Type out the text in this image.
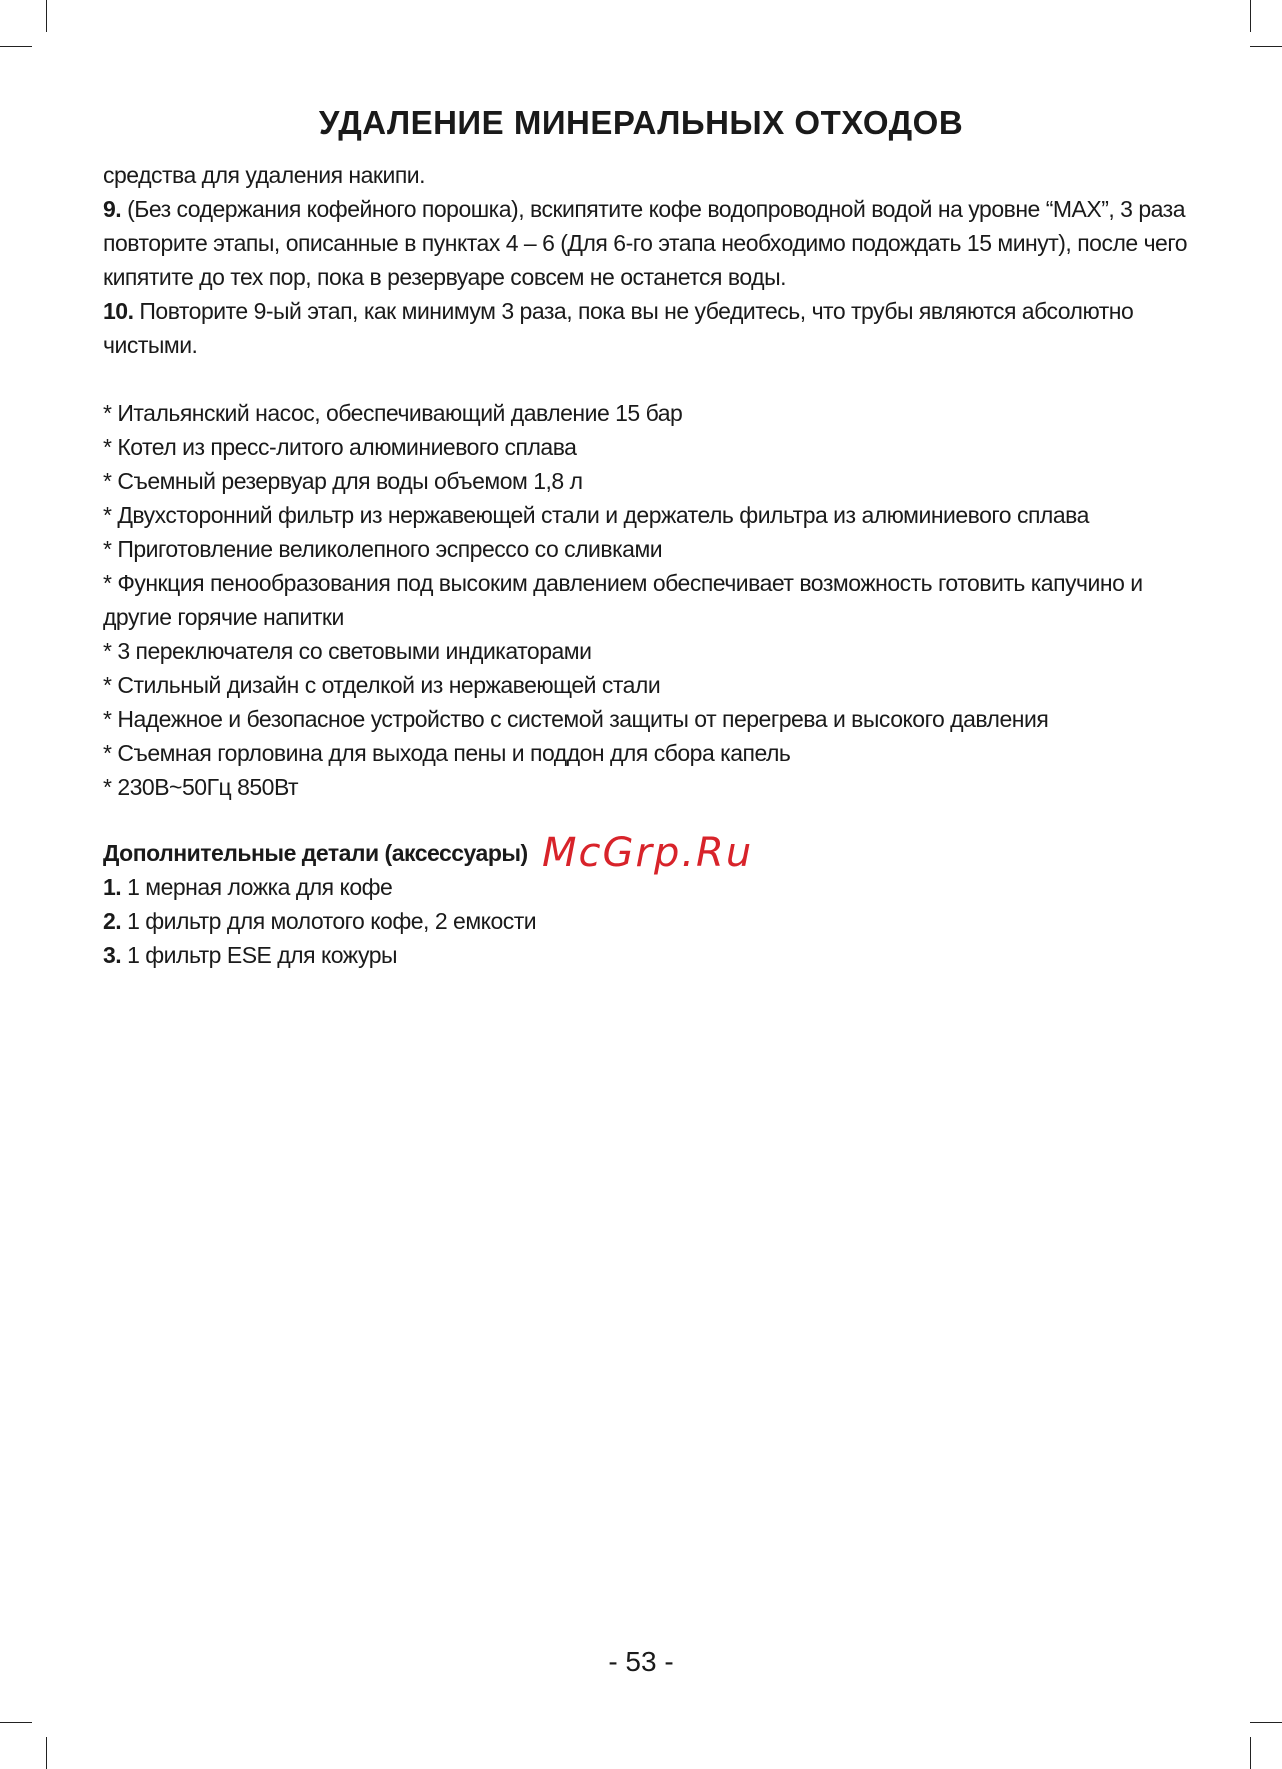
УДАЛЕНИЕ МИНЕРАЛЬНЫХ ОТХОДОВ

средства для удаления накипи.

9. (Без содержания кофейного порошка), вскипятите кофе водопроводной водой на уровне “MAX”, 3 раза повторите этапы, описанные в пунктах 4 – 6 (Для 6-го этапа необходимо подождать 15 минут), после чего кипятите до тех пор, пока в резервуаре совсем не останется воды.

10. Повторите 9-ый этап, как минимум 3 раза, пока вы не убедитесь, что трубы являются абсолютно чистыми.

* Итальянский насос, обеспечивающий давление 15 бар

* Котел из пресс-литого алюминиевого сплава

* Съемный резервуар для воды объемом 1,8 л

* Двухсторонний фильтр из нержавеющей стали и держатель фильтра из алюминиевого сплава

* Приготовление великолепного эспрессо со сливками

* Функция пенообразования под высоким давлением обеспечивает возможность готовить капучино и другие горячие напитки

* 3 переключателя со световыми индикаторами

* Стильный дизайн с отделкой из нержавеющей стали

* Надежное и безопасное устройство с системой защиты от перегрева и высокого давления

* Съемная горловина для выхода пены и поддон для сбора капель

* 230В~50Гц 850Вт

Дополнительные детали (аксессуары)

1. 1 мерная ложка для кофе

2. 1 фильтр для молотого кофе, 2 емкости

3. 1 фильтр ESE для кожуры

McGrp.Ru
- 53 -
